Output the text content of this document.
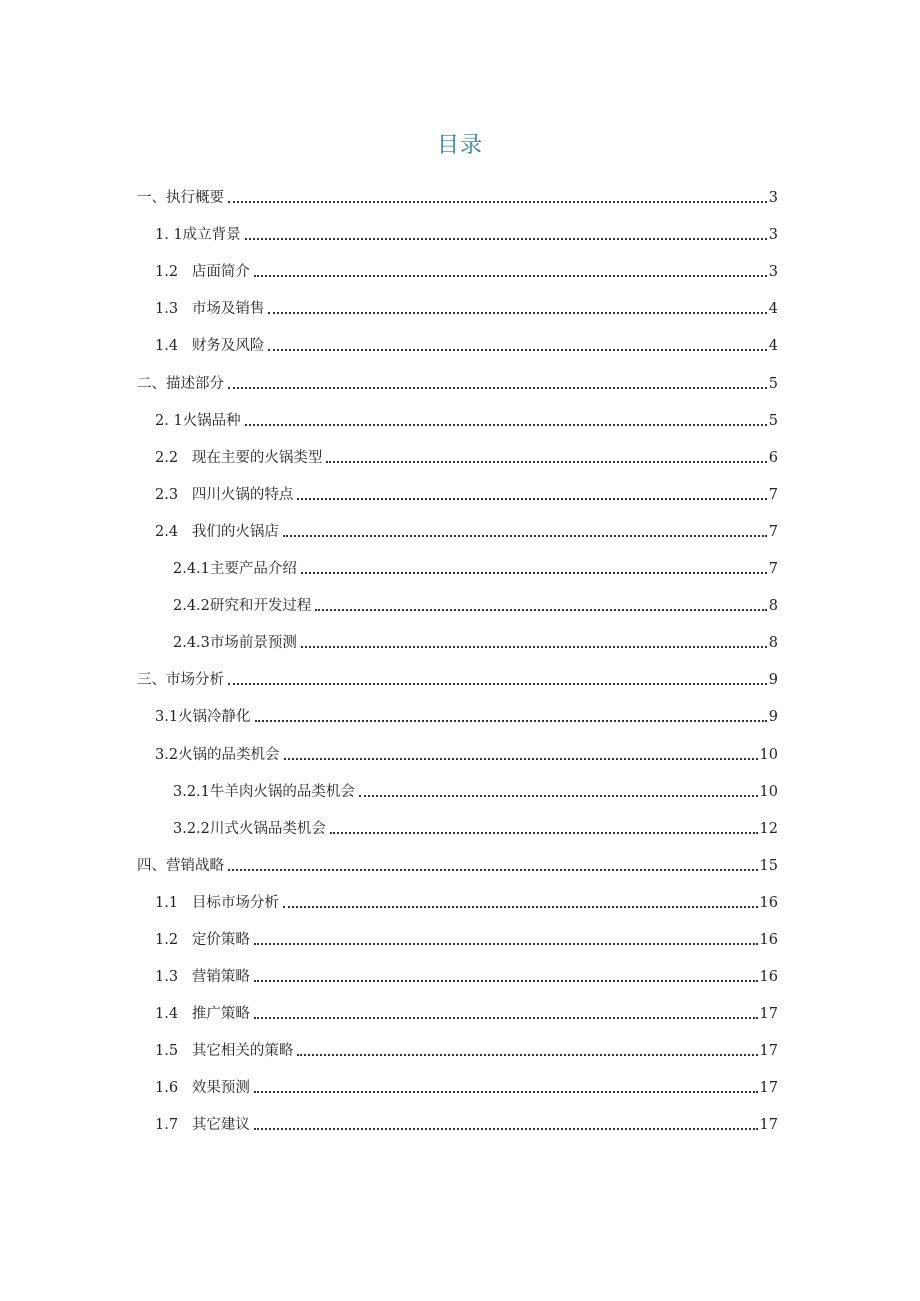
目录
一、 执行概要	3
1. 1 成立背景	3
1.2 店面简介	3
1.3 市场及销售	4
1.4 财务及风险	4
二、 描述部分	5
2. 1 火锅品种	5
2.2 现在主要的火锅类型	6
2.3 四川火锅的特点	7
2.4 我们的火锅店	7
2.4.1 主要产品介绍	7
2.4.2 研究和开发过程	8
2.4.3 市场前景预测	8
三、 市场分析	9
3.1 火锅冷静化	9
3.2 火锅的品类机会	10
3.2.1 牛羊肉火锅的品类机会	10
3.2.2 川式火锅品类机会	12
四、 营销战略	15
1.1 目标市场分析	16
1.2 定价策略	16
1.3 营销策略	16
1.4 推广策略	17
1.5 其它相关的策略	17
1.6 效果预测	17
1.7 其它建议	17
